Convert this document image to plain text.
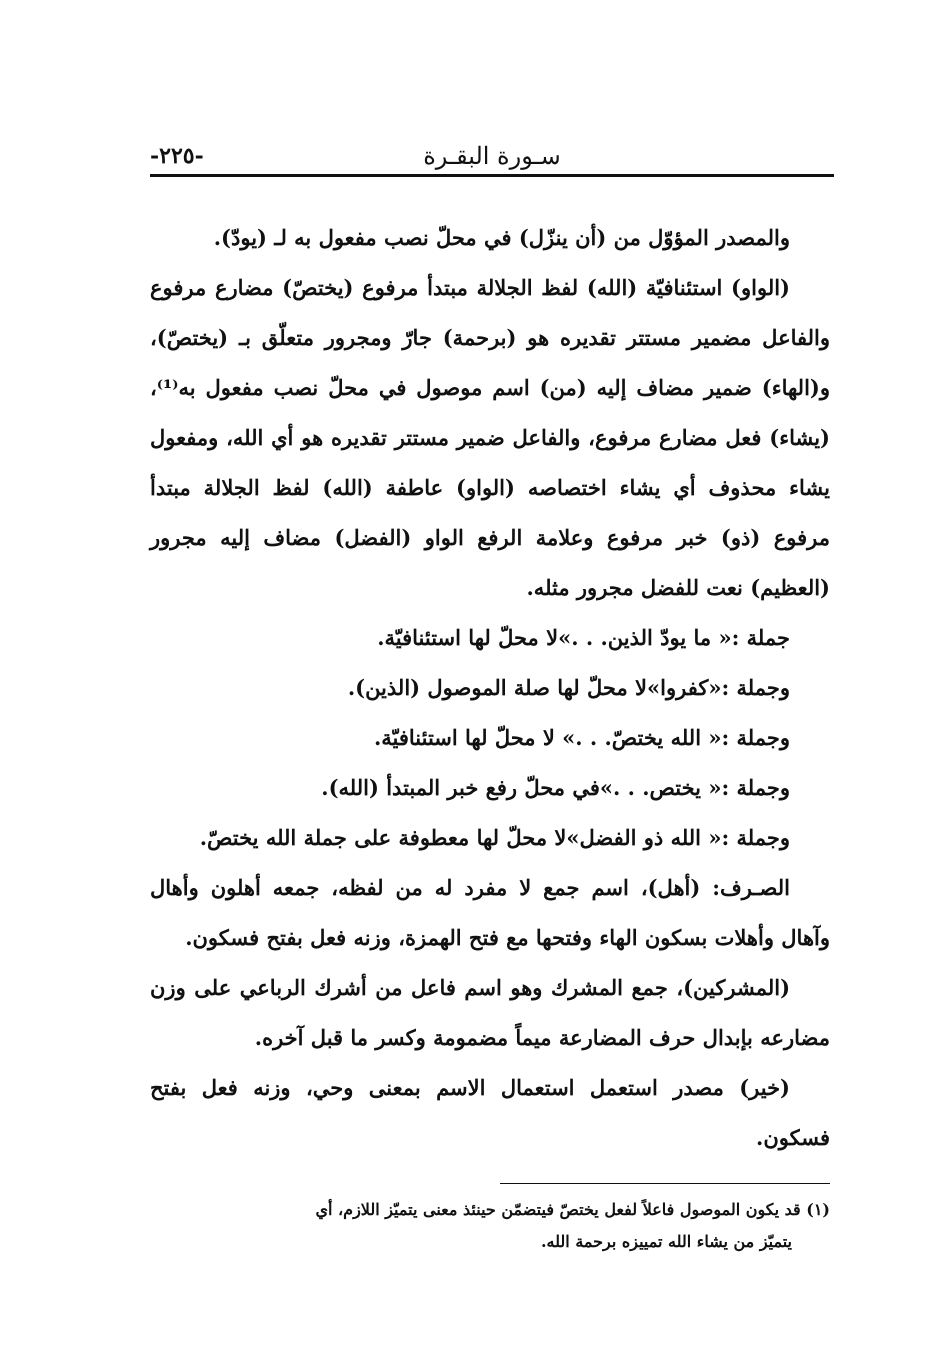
سـورة البقـرة
-٢٢٥-

والمصدر المؤوّل من (أن ينزّل) في محلّ نصب مفعول به لـ (يودّ).

(الواو) استئنافيّة (الله) لفظ الجلالة مبتدأ مرفوع (يختصّ) مضارع مرفوع والفاعل مضمير مستتر تقديره هو (برحمة) جارّ ومجرور متعلّق بـ (يختصّ)، و(الهاء) ضمير مضاف إليه (من) اسم موصول في محلّ نصب مفعول به⁽¹⁾، (يشاء) فعل مضارع مرفوع، والفاعل ضمير مستتر تقديره هو أي الله، ومفعول يشاء محذوف أي يشاء اختصاصه (الواو) عاطفة (الله) لفظ الجلالة مبتدأ مرفوع (ذو) خبر مرفوع وعلامة الرفع الواو (الفضل) مضاف إليه مجرور (العظيم) نعت للفضل مجرور مثله.

جملة :« ما يودّ الذين. . .»لا محلّ لها استئنافيّة.

وجملة :«كفروا»لا محلّ لها صلة الموصول (الذين).

وجملة :« الله يختصّ. . .» لا محلّ لها استئنافيّة.

وجملة :« يختص. . .»في محلّ رفع خبر المبتدأ (الله).

وجملة :« الله ذو الفضل»لا محلّ لها معطوفة على جملة الله يختصّ.

الصـرف: (أهل)، اسم جمع لا مفرد له من لفظه، جمعه أهلون وأهال وآهال وأهلات بسكون الهاء وفتحها مع فتح الهمزة، وزنه فعل بفتح فسكون.

(المشركين)، جمع المشرك وهو اسم فاعل من أشرك الرباعي على وزن مضارعه بإبدال حرف المضارعة ميماً مضمومة وكسر ما قبل آخره.

(خير) مصدر استعمل استعمال الاسم بمعنى وحي، وزنه فعل بفتح فسكون.

(١) قد يكون الموصول فاعلاً لفعل يختصّ فيتضمّن حينئذ معنى يتميّز اللازم، أي
يتميّز من يشاء الله تمييزه برحمة الله.
